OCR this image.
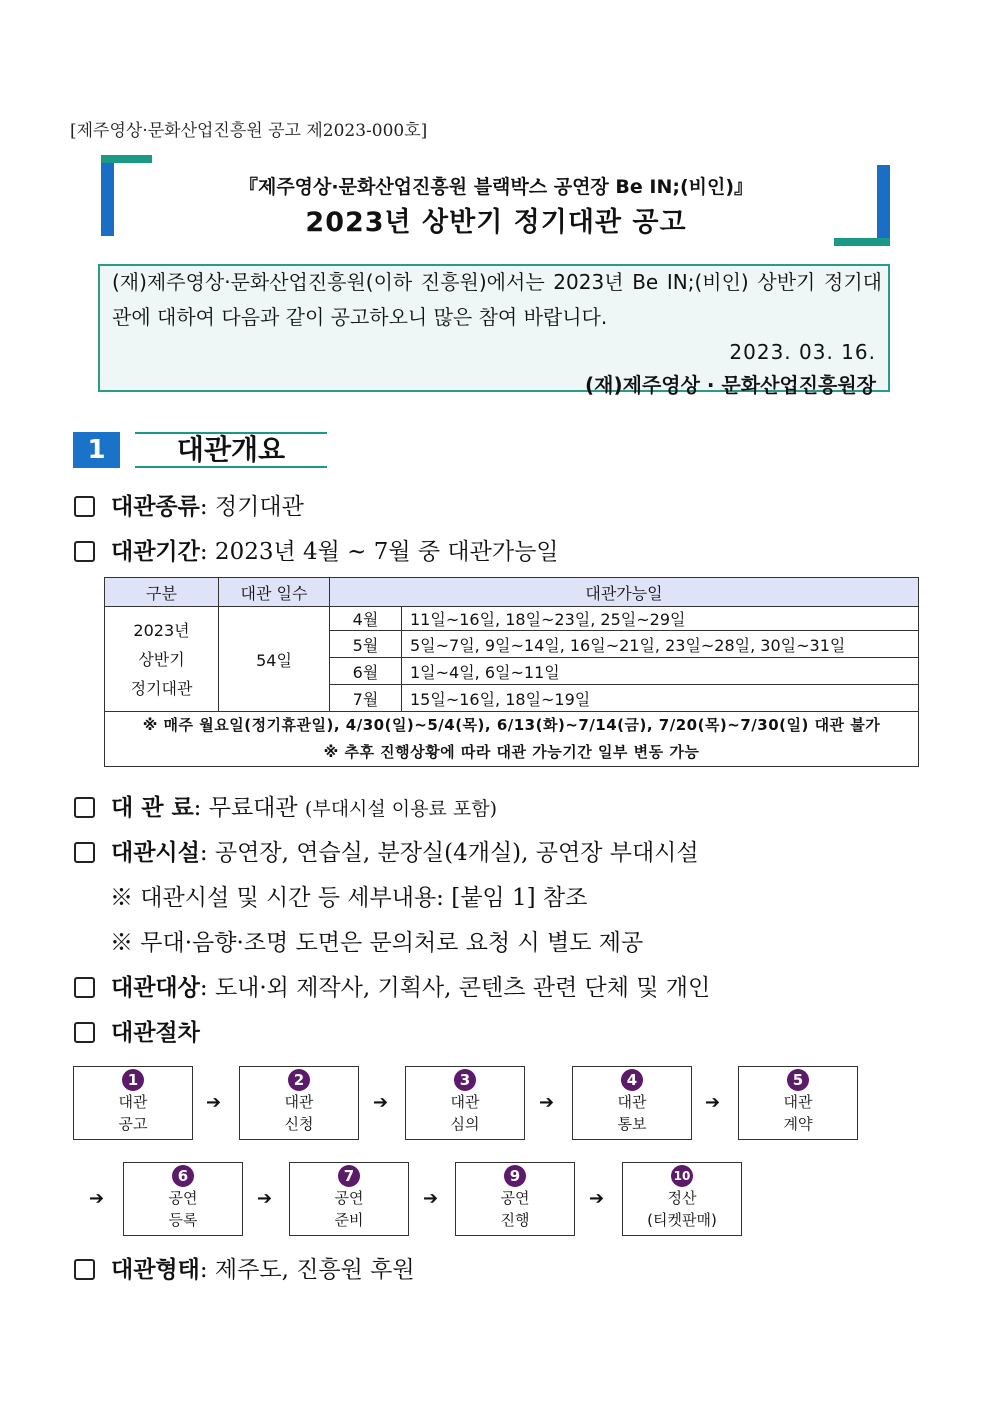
[제주영상·문화산업진흥원 공고 제2023-000호]
『제주영상·문화산업진흥원 블랙박스 공연장 Be IN;(비인)』
2023년 상반기 정기대관 공고
(재)제주영상·문화산업진흥원(이하 진흥원)에서는 2023년 Be IN;(비인) 상반기 정기대관에 대하여 다음과 같이 공고하오니 많은 참여 바랍니다.
2023. 03. 16.
(재)제주영상 · 문화산업진흥원장
1	대관개요
대관종류: 정기대관
대관기간: 2023년 4월 ~ 7월 중 대관가능일
구분	대관 일수	대관가능일	

2023년
상반기
정기대관	54일	4월	11일~16일, 18일~23일, 25일~29일
		5월	5일~7일, 9일~14일, 16일~21일, 23일~28일, 30일~31일
		6월	1일~4일, 6일~11일
		7월	15일~16일, 18일~19일

※ 매주 월요일(정기휴관일), 4/30(일)~5/4(목), 6/13(화)~7/14(금), 7/20(목)~7/30(일) 대관 불가
※ 추후 진행상황에 따라 대관 가능기간 일부 변동 가능			
대 관 료: 무료대관 (부대시설 이용료 포함)
대관시설: 공연장, 연습실, 분장실(4개실), 공연장 부대시설
※ 대관시설 및 시간 등 세부내용: [붙임 1] 참조
※ 무대·음향·조명 도면은 문의처로 요청 시 별도 제공
대관대상: 도내·외 제작사, 기획사, 콘텐츠 관련 단체 및 개인
대관절차
1
대관
공고
➔
2
대관
신청
➔
3
대관
심의
➔
4
대관
통보
➔
5
대관
계약
➔
6
공연
등록
➔
7
공연
준비
➔
9
공연
진행
➔
10
정산
(티켓판매)
대관형태: 제주도, 진흥원 후원
